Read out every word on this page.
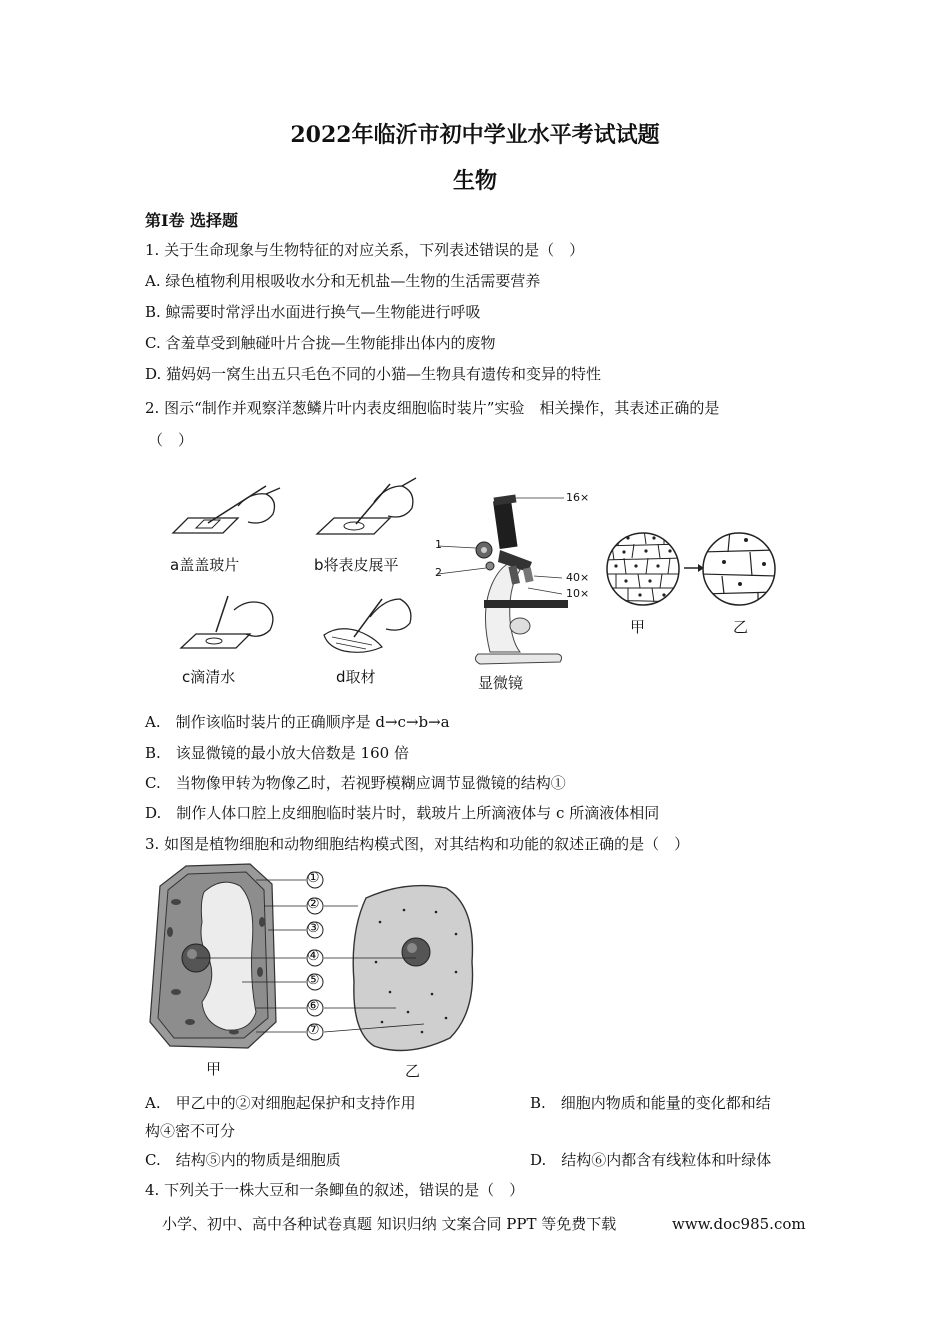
2022年临沂市初中学业水平考试试题
生物
第Ⅰ卷 选择题
1. 关于生命现象与生物特征的对应关系，下列表述错误的是（　）
A. 绿色植物利用根吸收水分和无机盐—生物的生活需要营养
B. 鲸需要时常浮出水面进行换气—生物能进行呼吸
C. 含羞草受到触碰叶片合拢—生物能排出体内的废物
D. 猫妈妈一窝生出五只毛色不同的小猫—生物具有遗传和变异的特性
2. 图示“制作并观察洋葱鳞片叶内表皮细胞临时装片”实验　相关操作，其表述正确的是
（　）
a盖盖玻片	b将表皮展平
c滴清水	d取材
16×
40×
10×
1
2
显微镜
甲	乙
A.　制作该临时装片的正确顺序是 d→c→b→a
B.　该显微镜的最小放大倍数是 160 倍
C.　当物像甲转为物像乙时，若视野模糊应调节显微镜的结构①
D.　制作人体口腔上皮细胞临时装片时，载玻片上所滴液体与 c 所滴液体相同
3. 如图是植物细胞和动物细胞结构模式图，对其结构和功能的叙述正确的是（　）
①
②
③
④
⑤
⑥
⑦
甲	乙
A.　甲乙中的②对细胞起保护和支持作用	B.　细胞内物质和能量的变化都和结
构④密不可分
C.　结构⑤内的物质是细胞质	D.　结构⑥内都含有线粒体和叶绿体
4. 下列关于一株大豆和一条鲫鱼的叙述，错误的是（　）
小学、初中、高中各种试卷真题 知识归纳 文案合同 PPT 等免费下载	www.doc985.com
